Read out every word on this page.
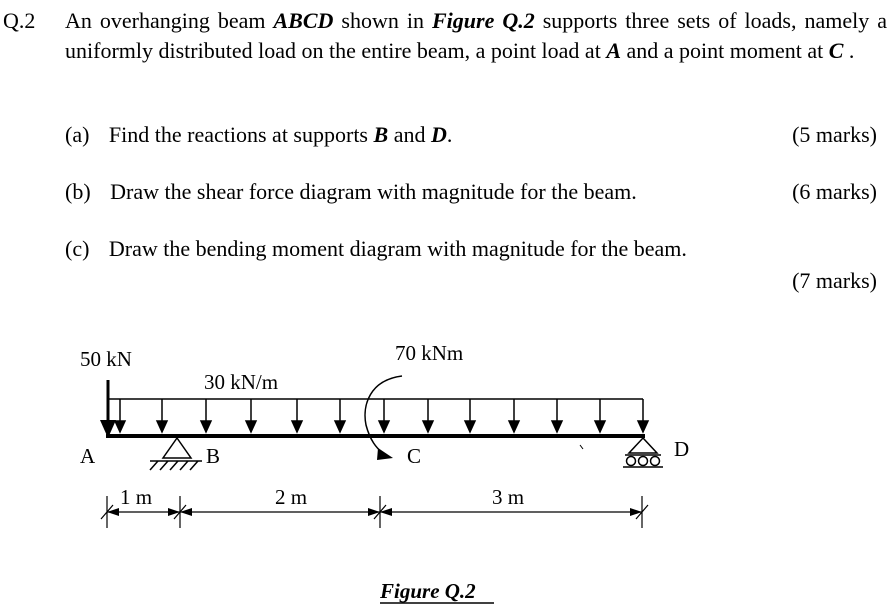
Q.2 An overhanging beam ABCD shown in Figure Q.2 supports three sets of loads, namely a uniformly distributed load on the entire beam, a point load at A and a point moment at C .
(a) Find the reactions at supports B and D.	(5 marks)
(b) Draw the shear force diagram with magnitude for the beam.	(6 marks)
(c) Draw the bending moment diagram with magnitude for the beam.
(7 marks)
50 kN
30 kN/m
70 kNm
A	B	C	D
1 m	2 m	3 m
Figure Q.2
